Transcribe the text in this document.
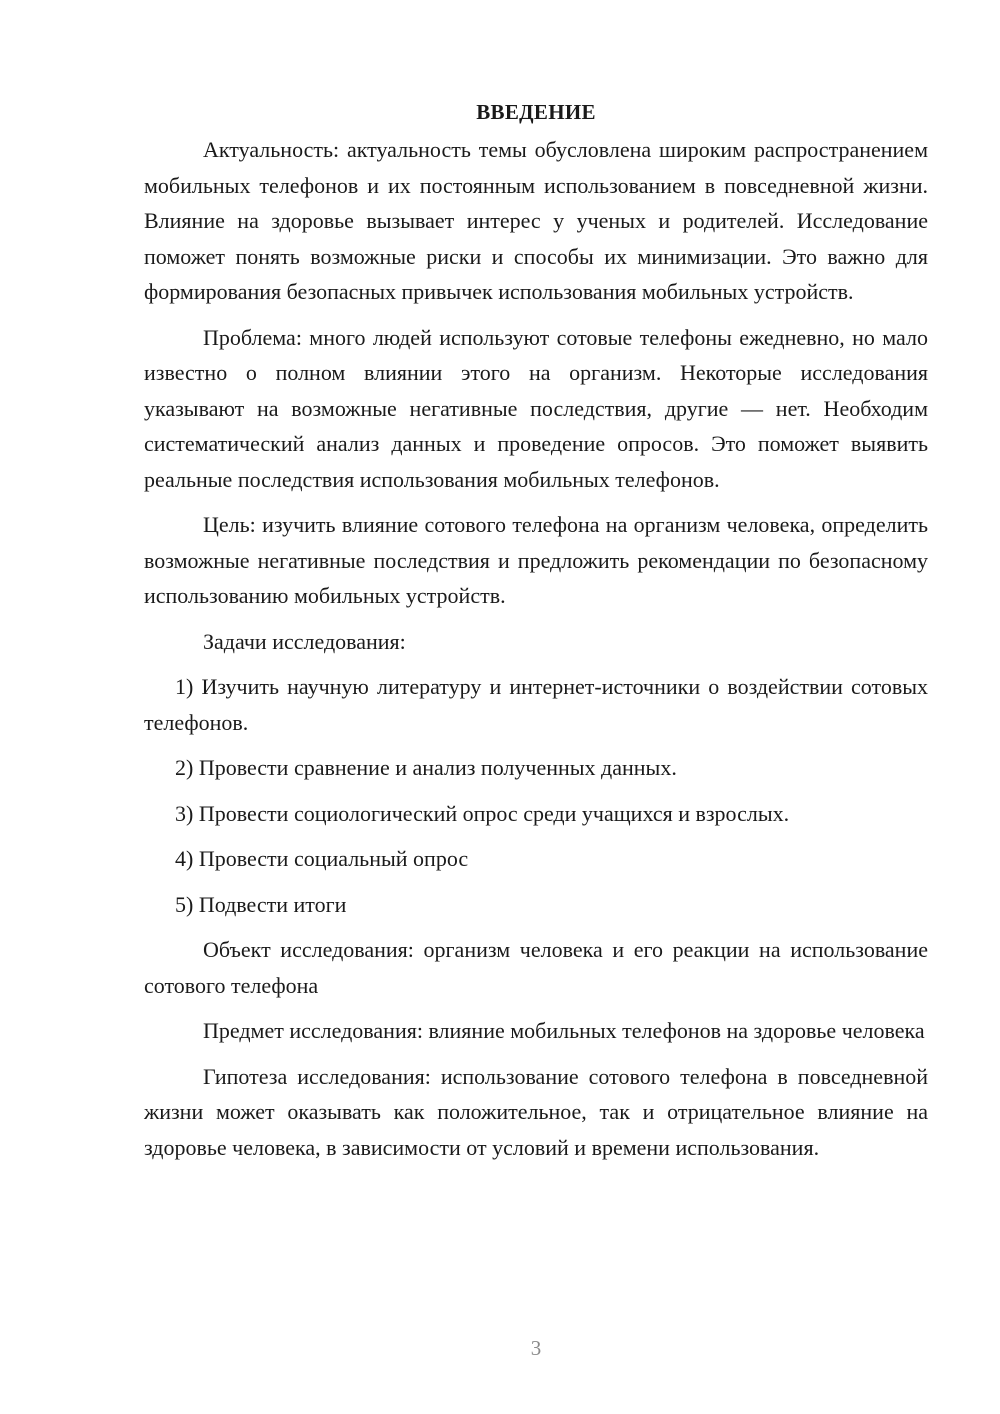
ВВЕДЕНИЕ

Актуальность: актуальность темы обусловлена широким распространением мобильных телефонов и их постоянным использованием в повседневной жизни. Влияние на здоровье вызывает интерес у ученых и родителей. Исследование поможет понять возможные риски и способы их минимизации. Это важно для формирования безопасных привычек использования мобильных устройств.

Проблема: много людей используют сотовые телефоны ежедневно, но мало известно о полном влиянии этого на организм. Некоторые исследования указывают на возможные негативные последствия, другие — нет. Необходим систематический анализ данных и проведение опросов. Это поможет выявить реальные последствия использования мобильных телефонов.

Цель: изучить влияние сотового телефона на организм человека, определить возможные негативные последствия и предложить рекомендации по безопасному использованию мобильных устройств.

Задачи исследования:

1) Изучить научную литературу и интернет-источники о воздействии сотовых телефонов.

2) Провести сравнение и анализ полученных данных.

3) Провести социологический опрос среди учащихся и взрослых.

4) Провести социальный опрос

5) Подвести итоги

Объект исследования: организм человека и его реакции на использование сотового телефона

Предмет исследования: влияние мобильных телефонов на здоровье человека

Гипотеза исследования: использование сотового телефона в повседневной жизни может оказывать как положительное, так и отрицательное влияние на здоровье человека, в зависимости от условий и времени использования.

3
